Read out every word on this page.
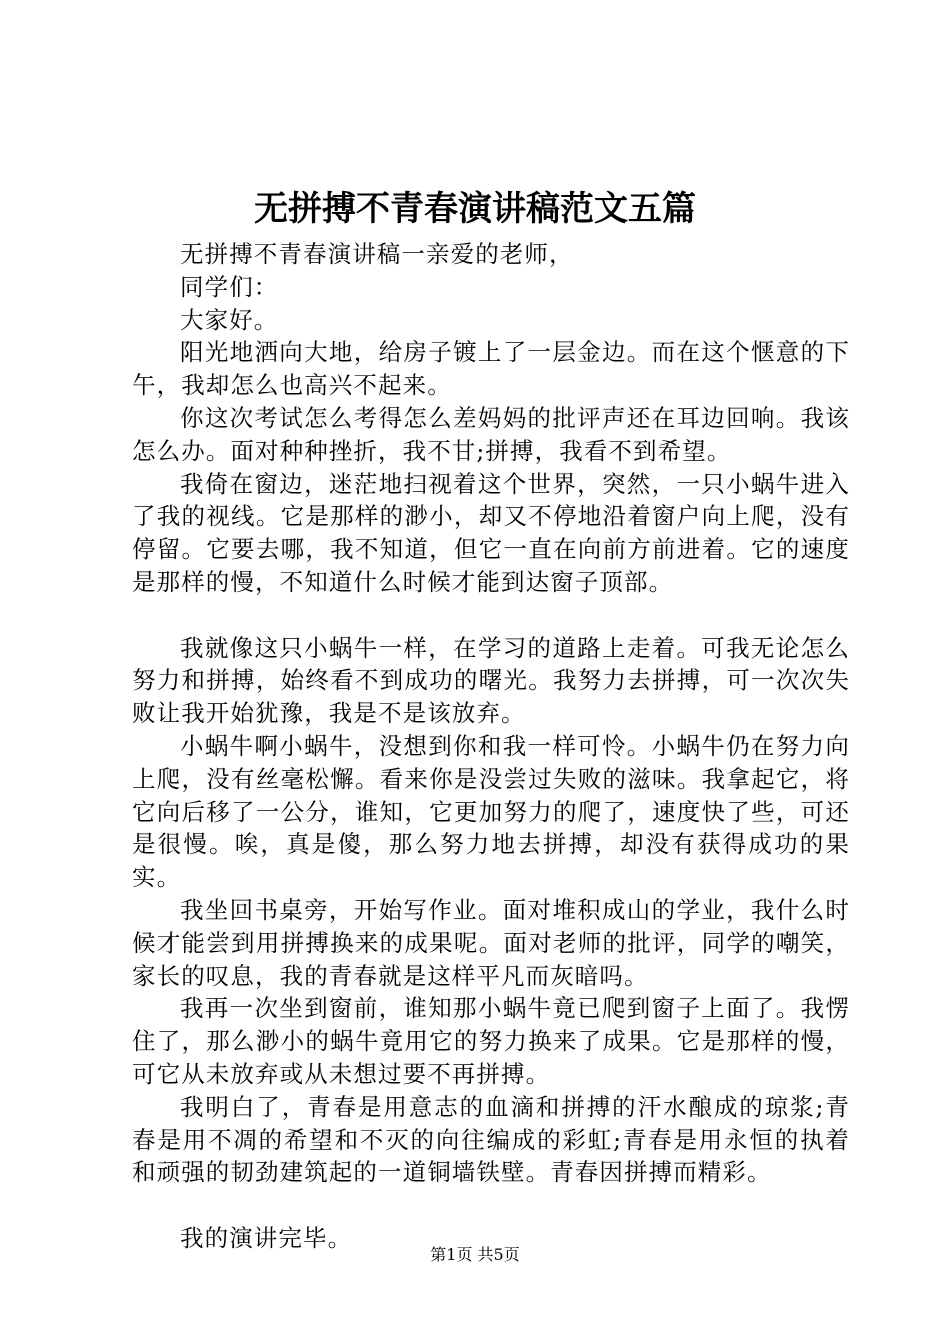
无拼搏不青春演讲稿范文五篇

无拼搏不青春演讲稿一亲爱的老师，

同学们：

大家好。

阳光地洒向大地，给房子镀上了一层金边。而在这个惬意的下午，我却怎么也高兴不起来。

你这次考试怎么考得怎么差妈妈的批评声还在耳边回响。我该怎么办。面对种种挫折，我不甘;拼搏，我看不到希望。

我倚在窗边，迷茫地扫视着这个世界，突然，一只小蜗牛进入了我的视线。它是那样的渺小，却又不停地沿着窗户向上爬，没有停留。它要去哪，我不知道，但它一直在向前方前进着。它的速度是那样的慢，不知道什么时候才能到达窗子顶部。

我就像这只小蜗牛一样，在学习的道路上走着。可我无论怎么努力和拼搏，始终看不到成功的曙光。我努力去拼搏，可一次次失败让我开始犹豫，我是不是该放弃。

小蜗牛啊小蜗牛，没想到你和我一样可怜。小蜗牛仍在努力向上爬，没有丝毫松懈。看来你是没尝过失败的滋味。我拿起它，将它向后移了一公分，谁知，它更加努力的爬了，速度快了些，可还是很慢。唉，真是傻，那么努力地去拼搏，却没有获得成功的果实。

我坐回书桌旁，开始写作业。面对堆积成山的学业，我什么时候才能尝到用拼搏换来的成果呢。面对老师的批评，同学的嘲笑，家长的叹息，我的青春就是这样平凡而灰暗吗。

我再一次坐到窗前，谁知那小蜗牛竟已爬到窗子上面了。我愣住了，那么渺小的蜗牛竟用它的努力换来了成果。它是那样的慢，可它从未放弃或从未想过要不再拼搏。

我明白了，青春是用意志的血滴和拼搏的汗水酿成的琼浆;青春是用不凋的希望和不灭的向往编成的彩虹;青春是用永恒的执着和顽强的韧劲建筑起的一道铜墙铁壁。青春因拼搏而精彩。

我的演讲完毕。

第1页 共5页
